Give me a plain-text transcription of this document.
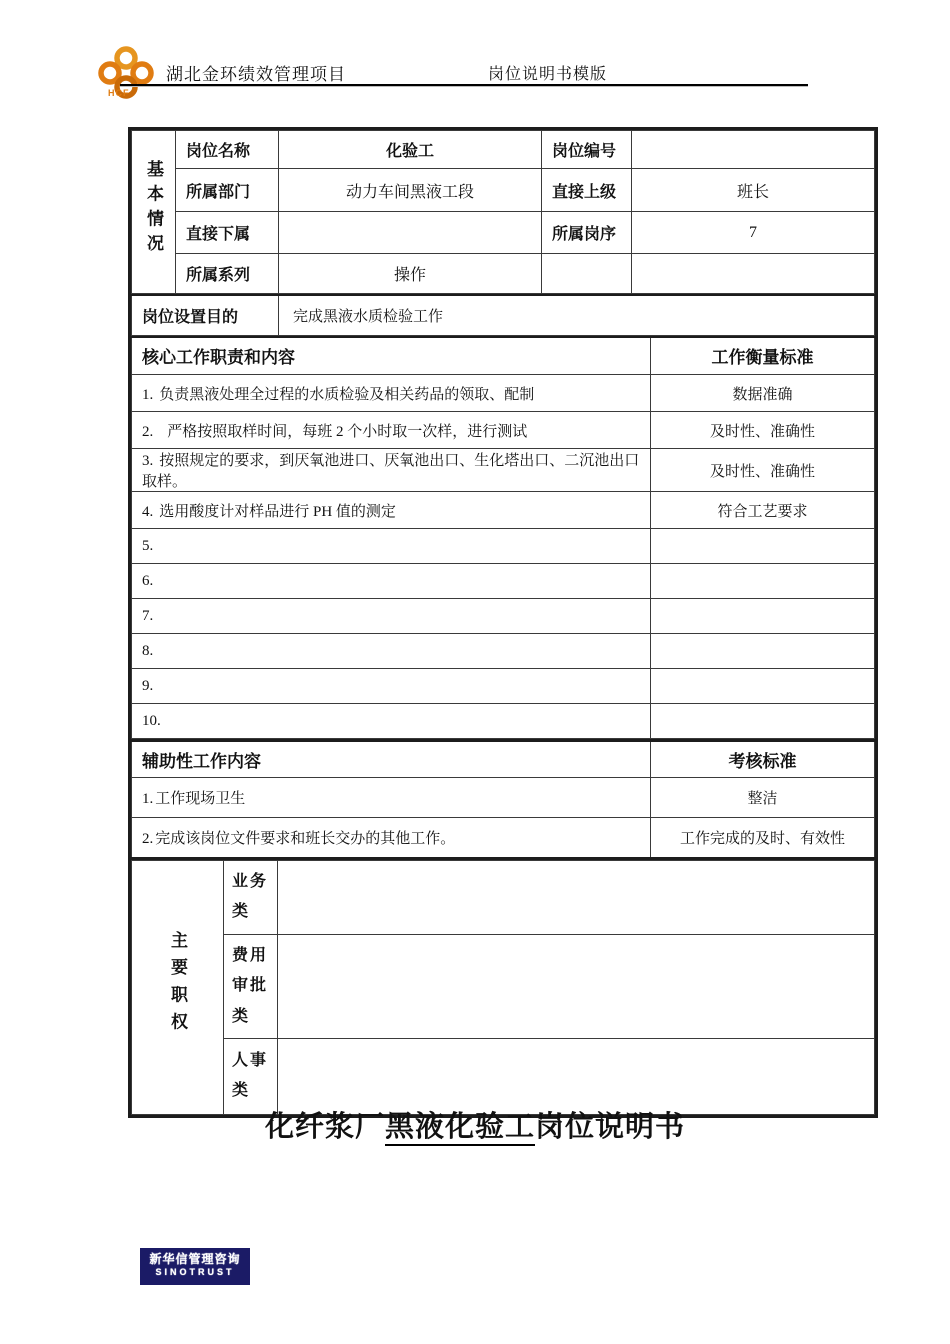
HCF
湖北金环绩效管理项目	岗位说明书模版
基本情况	岗位名称	化验工	岗位编号	
	所属部门	动力车间黑液工段	直接上级	班长
	直接下属		所属岗序	7
	所属系列	操作		
岗位设置目的	完成黑液水质检验工作
核心工作职责和内容	工作衡量标准
1. 负责黑液处理全过程的水质检验及相关药品的领取、配制	数据准确
2. 严格按照取样时间，每班 2 个小时取一次样，进行测试	及时性、准确性
3. 按照规定的要求，到厌氧池进口、厌氧池出口、生化塔出口、二沉池出口取样。	及时性、准确性
4. 选用酸度计对样品进行 PH 值的测定	符合工艺要求
5.	
6.	
7.	
8.	
9.	
10.	
辅助性工作内容	考核标准
1. 工作现场卫生	整洁
2. 完成该岗位文件要求和班长交办的其他工作。	工作完成的及时、有效性
主要职权	业务类	
	费用审批类	
	人事类	
化纤浆厂黑液化验工岗位说明书
新华信管理咨询
SINOTRUST
